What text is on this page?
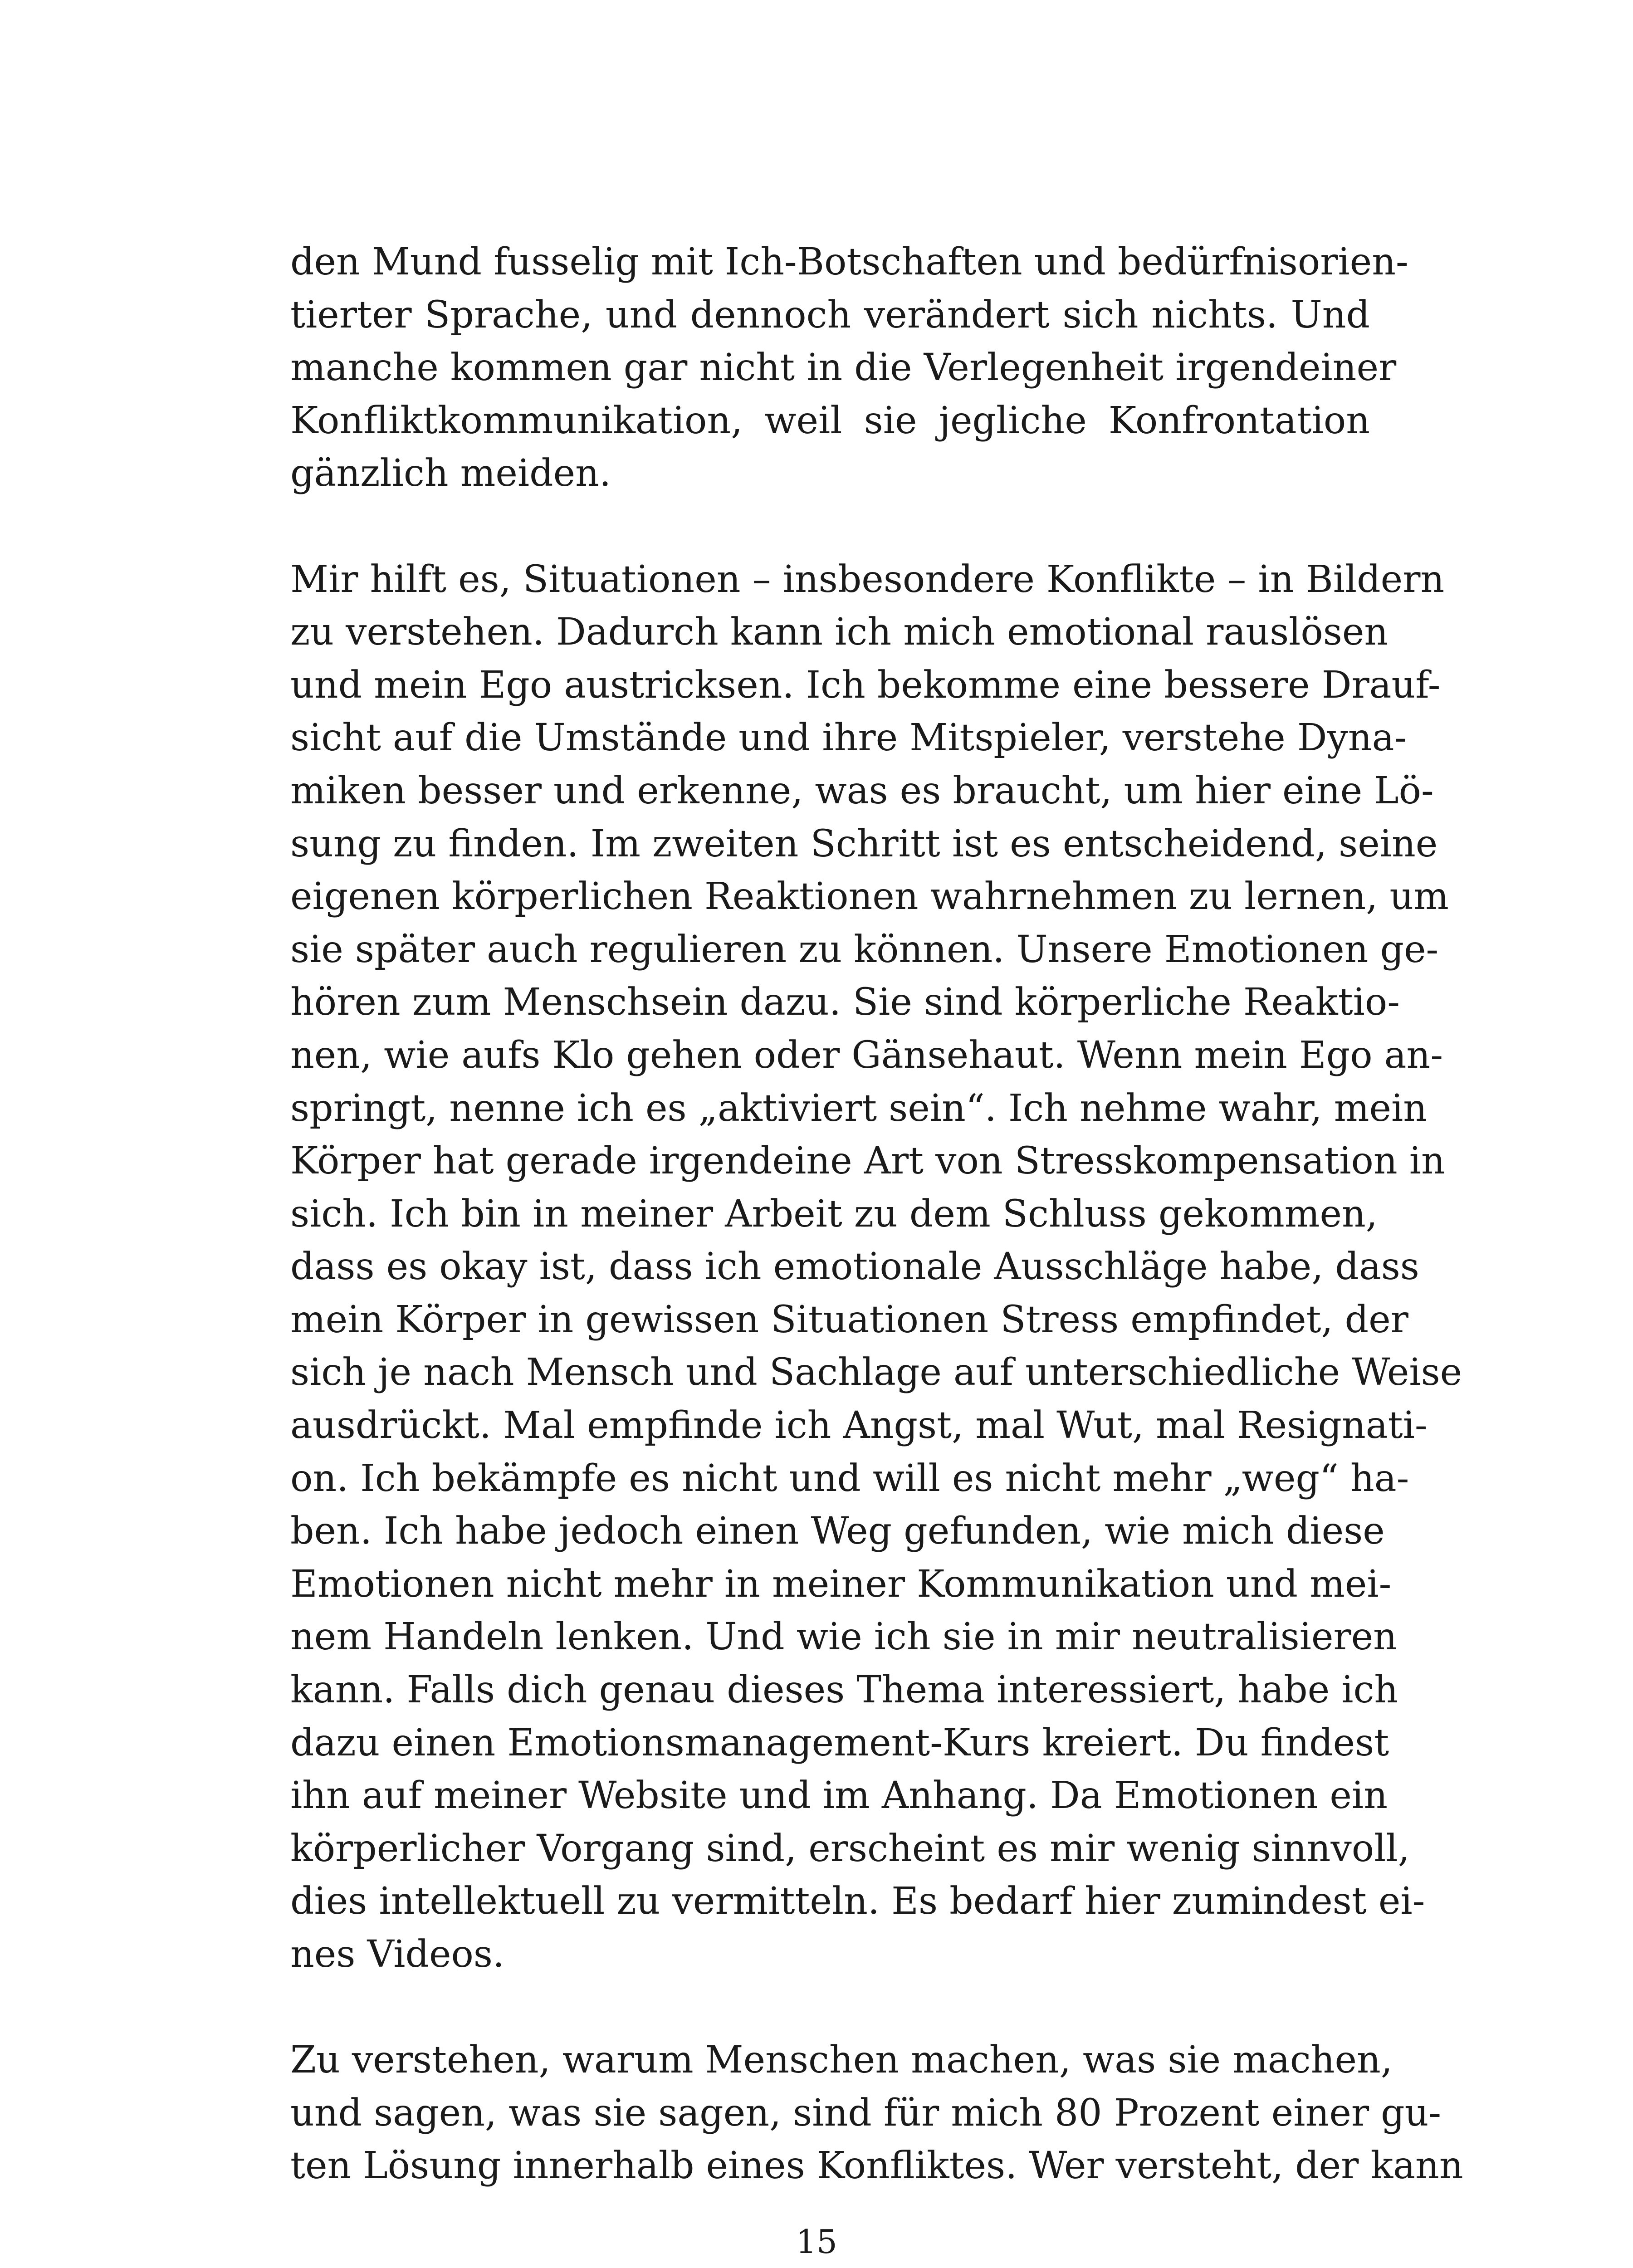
den Mund fusselig mit Ich-Botschaften und bedürfnisorien-
tierter Sprache, und dennoch verändert sich nichts. Und
manche kommen gar nicht in die Verlegenheit irgendeiner
Konfliktkommunikation, weil sie jegliche Konfrontation
gänzlich meiden.

Mir hilft es, Situationen – insbesondere Konflikte – in Bildern
zu verstehen. Dadurch kann ich mich emotional rauslösen
und mein Ego austricksen. Ich bekomme eine bessere Drauf-
sicht auf die Umstände und ihre Mitspieler, verstehe Dyna-
miken besser und erkenne, was es braucht, um hier eine Lö-
sung zu finden. Im zweiten Schritt ist es entscheidend, seine
eigenen körperlichen Reaktionen wahrnehmen zu lernen, um
sie später auch regulieren zu können. Unsere Emotionen ge-
hören zum Menschsein dazu. Sie sind körperliche Reaktio-
nen, wie aufs Klo gehen oder Gänsehaut. Wenn mein Ego an-
springt, nenne ich es „aktiviert sein“. Ich nehme wahr, mein
Körper hat gerade irgendeine Art von Stresskompensation in
sich. Ich bin in meiner Arbeit zu dem Schluss gekommen,
dass es okay ist, dass ich emotionale Ausschläge habe, dass
mein Körper in gewissen Situationen Stress empfindet, der
sich je nach Mensch und Sachlage auf unterschiedliche Weise
ausdrückt. Mal empfinde ich Angst, mal Wut, mal Resignati-
on. Ich bekämpfe es nicht und will es nicht mehr „weg“ ha-
ben. Ich habe jedoch einen Weg gefunden, wie mich diese
Emotionen nicht mehr in meiner Kommunikation und mei-
nem Handeln lenken. Und wie ich sie in mir neutralisieren
kann. Falls dich genau dieses Thema interessiert, habe ich
dazu einen Emotionsmanagement-Kurs kreiert. Du findest
ihn auf meiner Website und im Anhang. Da Emotionen ein
körperlicher Vorgang sind, erscheint es mir wenig sinnvoll,
dies intellektuell zu vermitteln. Es bedarf hier zumindest ei-
nes Videos.

Zu verstehen, warum Menschen machen, was sie machen,
und sagen, was sie sagen, sind für mich 80 Prozent einer gu-
ten Lösung innerhalb eines Konfliktes. Wer versteht, der kann

15
